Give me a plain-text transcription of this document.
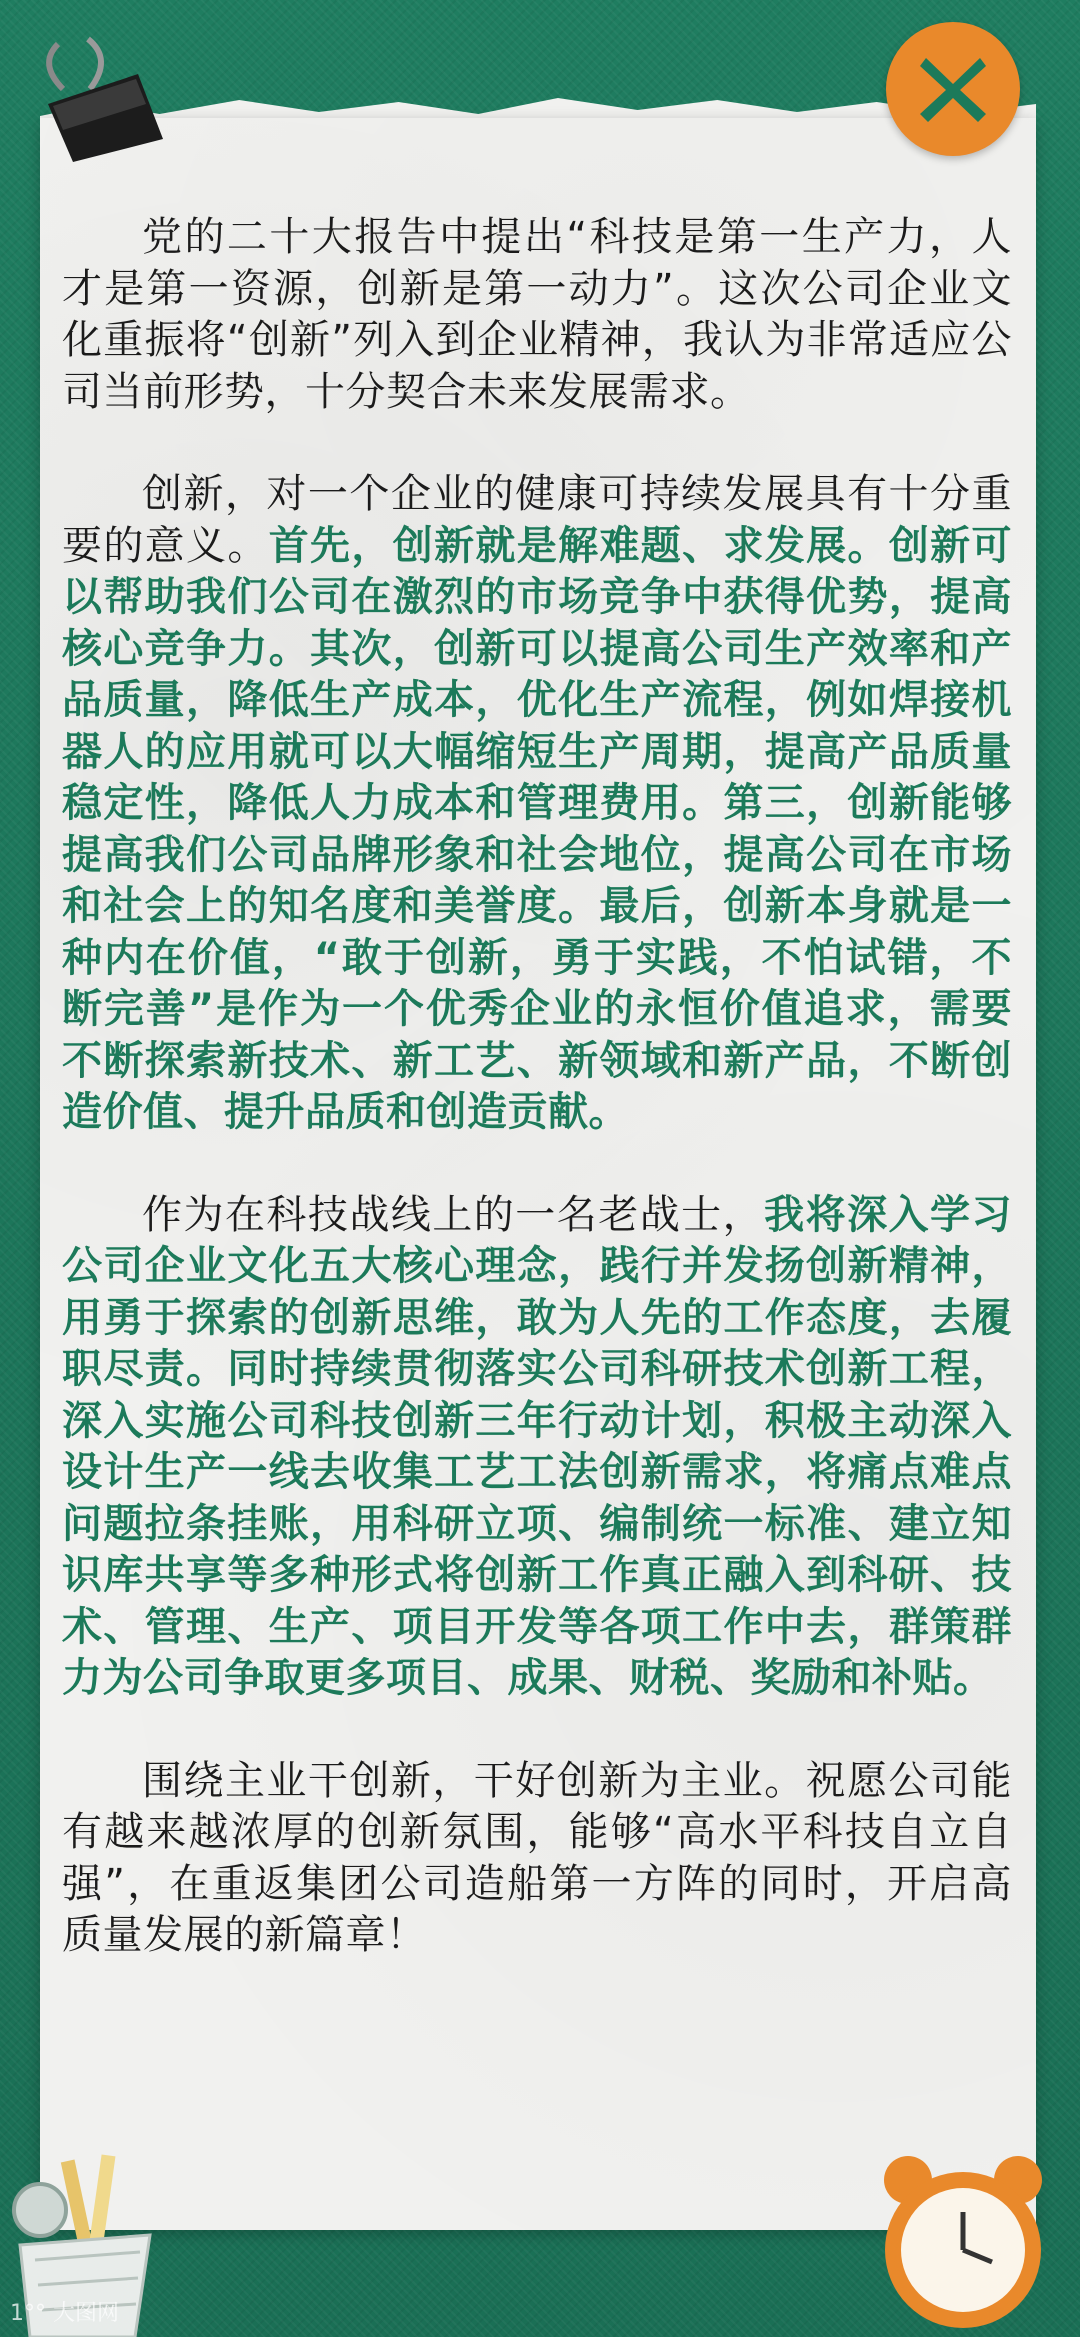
党的二十大报告中提出“科技是第一生产力，人才是第一资源，创新是第一动力”。这次公司企业文化重振将“创新”列入到企业精神，我认为非常适应公司当前形势，十分契合未来发展需求。

创新，对一个企业的健康可持续发展具有十分重要的意义。首先，创新就是解难题、求发展。创新可以帮助我们公司在激烈的市场竞争中获得优势，提高核心竞争力。其次，创新可以提高公司生产效率和产品质量，降低生产成本，优化生产流程，例如焊接机器人的应用就可以大幅缩短生产周期，提高产品质量稳定性，降低人力成本和管理费用。第三，创新能够提高我们公司品牌形象和社会地位，提高公司在市场和社会上的知名度和美誉度。最后，创新本身就是一种内在价值，“敢于创新，勇于实践，不怕试错，不断完善”是作为一个优秀企业的永恒价值追求，需要不断探索新技术、新工艺、新领域和新产品，不断创造价值、提升品质和创造贡献。

作为在科技战线上的一名老战士，我将深入学习公司企业文化五大核心理念，践行并发扬创新精神，用勇于探索的创新思维，敢为人先的工作态度，去履职尽责。同时持续贯彻落实公司科研技术创新工程，深入实施公司科技创新三年行动计划，积极主动深入设计生产一线去收集工艺工法创新需求，将痛点难点问题拉条挂账，用科研立项、编制统一标准、建立知识库共享等多种形式将创新工作真正融入到科研、技术、管理、生产、项目开发等各项工作中去，群策群力为公司争取更多项目、成果、财税、奖励和补贴。

围绕主业干创新，干好创新为主业。祝愿公司能有越来越浓厚的创新氛围，能够“高水平科技自立自强”，在重返集团公司造船第一方阵的同时，开启高质量发展的新篇章！

1°° 大图网
